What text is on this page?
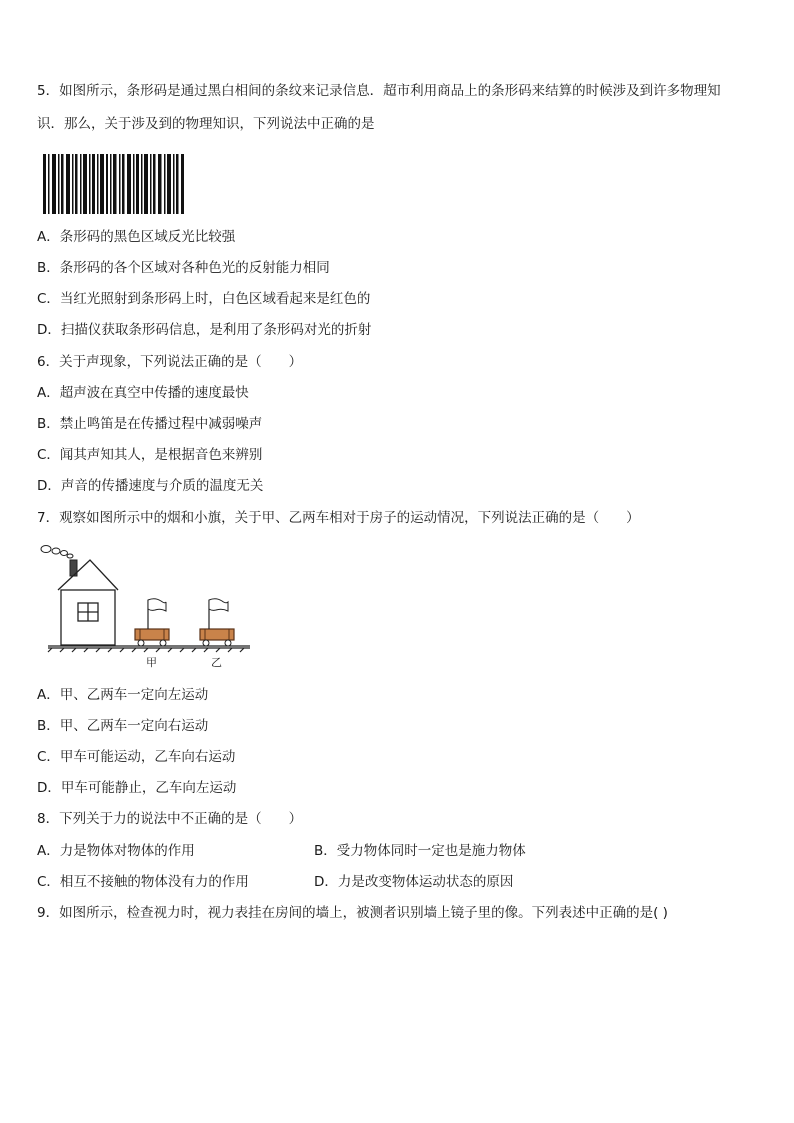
5．如图所示，条形码是通过黑白相间的条纹来记录信息．超市利用商品上的条形码来结算的时候涉及到许多物理知
识．那么，关于涉及到的物理知识，下列说法中正确的是
A．条形码的黑色区域反光比较强
B．条形码的各个区域对各种色光的反射能力相同
C．当红光照射到条形码上时，白色区域看起来是红色的
D．扫描仪获取条形码信息，是利用了条形码对光的折射
6．关于声现象，下列说法正确的是（　　）
A．超声波在真空中传播的速度最快
B．禁止鸣笛是在传播过程中减弱噪声
C．闻其声知其人，是根据音色来辨别
D．声音的传播速度与介质的温度无关
7．观察如图所示中的烟和小旗，关于甲、乙两车相对于房子的运动情况，下列说法正确的是（　　）
甲	乙
A．甲、乙两车一定向左运动
B．甲、乙两车一定向右运动
C．甲车可能运动，乙车向右运动
D．甲车可能静止，乙车向左运动
8．下列关于力的说法中不正确的是（　　）
A．力是物体对物体的作用	B．受力物体同时一定也是施力物体
C．相互不接触的物体没有力的作用	D．力是改变物体运动状态的原因
9．如图所示，检查视力时，视力表挂在房间的墙上，被测者识别墙上镜子里的像。下列表述中正确的是( )
